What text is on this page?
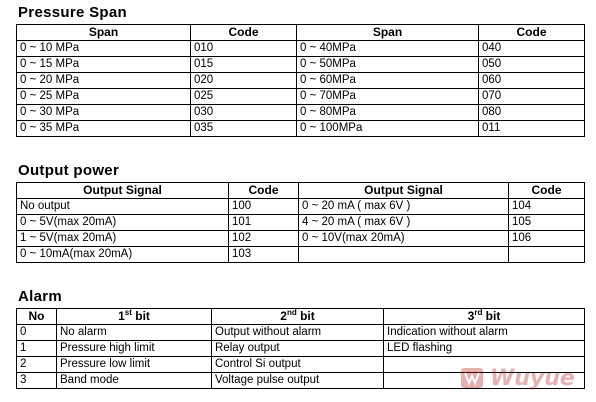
Pressure Span
Span	Code	Span	Code
0 ~ 10 MPa	010	0 ~ 40MPa	040
0 ~ 15 MPa	015	0 ~ 50MPa	050
0 ~ 20 MPa	020	0 ~ 60MPa	060
0 ~ 25 MPa	025	0 ~ 70MPa	070
0 ~ 30 MPa	030	0 ~ 80MPa	080
0 ~ 35 MPa	035	0 ~ 100MPa	011
Output power
Output Signal	Code	Output Signal	Code
No output	100	0 ~ 20 mA ( max 6V )	104
0 ~ 5V(max 20mA)	101	4 ~ 20 mA ( max 6V )	105
1 ~ 5V(max 20mA)	102	0 ~ 10V(max 20mA)	106
0 ~ 10mA(max 20mA)	103		
Alarm
No	1st bit	2nd bit	3rd bit
0	No alarm	Output without alarm	Indication without alarm
1	Pressure high limit	Relay output	LED flashing
2	Pressure low limit	Control Si output	
3	Band mode	Voltage pulse output		Wuyue
